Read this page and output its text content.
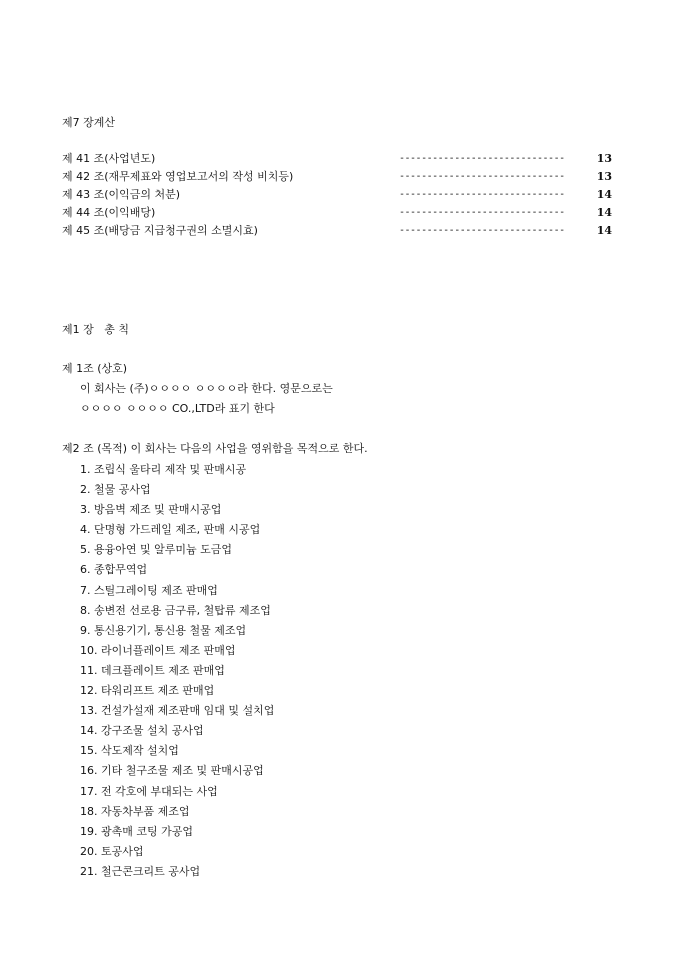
제7 장계산
제 41 조(사업년도)	------------------------------	13
제 42 조(재무제표와 영업보고서의 작성 비치등)	------------------------------	13
제 43 조(이익금의 처분)	------------------------------	14
제 44 조(이익배당)	------------------------------	14
제 45 조(배당금 지급청구권의 소멸시효)	------------------------------	14
제1 장   총 칙
제 1조 (상호)
이 회사는 (주)ㅇㅇㅇㅇ ㅇㅇㅇㅇ라 한다. 영문으로는
ㅇㅇㅇㅇ ㅇㅇㅇㅇ CO.,LTD라 표기 한다
제2 조 (목적) 이 회사는 다음의 사업을 영위함을 목적으로 한다.
1. 조립식 울타리 제작 및 판매시공
2. 철물 공사업
3. 방음벽 제조 및 판매시공업
4. 단명형 가드레일 제조, 판매 시공업
5. 용융아연 및 알루미늄 도금업
6. 종합무역업
7. 스틸그레이팅 제조 판매업
8. 송변전 선로용 금구류, 철탑류 제조업
9. 통신용기기, 통신용 철물 제조업
10. 라이너플레이트 제조 판매업
11. 데크플레이트 제조 판매업
12. 타워리프트 제조 판매업
13. 건설가설재 제조판매 임대 및 설치업
14. 강구조물 설치 공사업
15. 삭도제작 설치업
16. 기타 철구조물 제조 및 판매시공업
17. 전 각호에 부대되는 사업
18. 자동차부품 제조업
19. 광촉매 코팅 가공업
20. 토공사업
21. 철근콘크리트 공사업
